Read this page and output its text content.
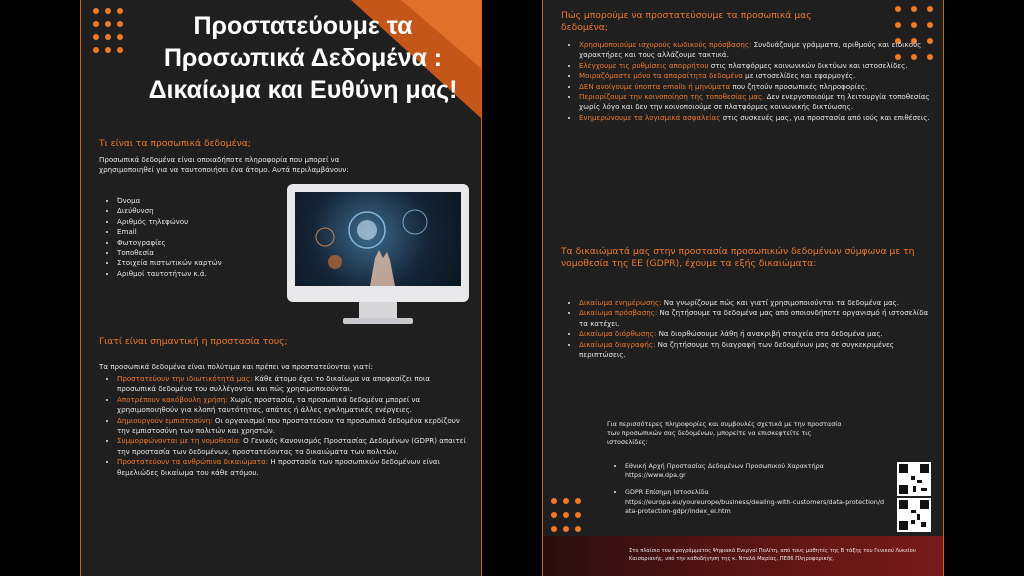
Προστατεύουμε τα
Προσωπικά Δεδομένα :
Δικαίωμα και Ευθύνη μας!
Τι είναι τα προσωπικά δεδομένα;
Προσωπικά δεδομένα είναι οποιαδήποτε πληροφορία που μπορεί να χρησιμοποιηθεί για να ταυτοποιήσει ένα άτομο. Αυτά περιλαμβάνουν:
• Όνομα
• Διεύθυνση
• Αριθμός τηλεφώνου
• Email
• Φωτογραφίες
• Τοποθεσία
• Στοιχεία πιστωτικών καρτών
• Αριθμοί ταυτοτήτων κ.ά.
Γιατί είναι σημαντική η προστασία τους;
Τα προσωπικά δεδομένα είναι πολύτιμα και πρέπει να προστατεύονται γιατί:
• Προστατεύουν την ιδιωτικότητά μας: Κάθε άτομο έχει το δικαίωμα να αποφασίζει ποια προσωπικά δεδομένα του συλλέγονται και πώς χρησιμοποιούνται.
• Αποτρέπουν κακόβουλη χρήση: Χωρίς προστασία, τα προσωπικά δεδομένα μπορεί να χρησιμοποιηθούν για κλοπή ταυτότητας, απάτες ή άλλες εγκληματικές ενέργειες.
• Δημιουργούν εμπιστοσύνη: Οι οργανισμοί που προστατεύουν τα προσωπικά δεδομένα κερδίζουν την εμπιστοσύνη των πολιτών και χρηστών.
• Συμμορφώνονται με τη νομοθεσία: Ο Γενικός Κανονισμός Προστασίας Δεδομένων (GDPR) απαιτεί την προστασία των δεδομένων, προστατεύοντας τα δικαιώματα των πολιτών.
• Προστατεύουν τα ανθρώπινα δικαιώματα: Η προστασία των προσωπικών δεδομένων είναι θεμελιώδες δικαίωμα του κάθε ατόμου.
Πώς μπορούμε να προστατεύσουμε τα προσωπικά μας δεδομένα;
• Χρησιμοποιούμε ισχυρούς κωδικούς πρόσβασης: Συνδυάζουμε γράμματα, αριθμούς και ειδικούς χαρακτήρες και τους αλλάζουμε τακτικά.
• Ελέγχουμε τις ρυθμίσεις απορρήτου στις πλατφόρμες κοινωνικών δικτύων και ιστοσελίδες.
• Μοιραζόμαστε μόνο τα απαραίτητα δεδομένα με ιστοσελίδες και εφαρμογές.
• ΔΕΝ ανοίγουμε ύποπτα emails ή μηνύματα που ζητούν προσωπικές πληροφορίες.
• Περιορίζουμε την κοινοποίηση της τοποθεσίας μας. Δεν ενεργοποιούμε τη λειτουργία τοποθεσίας χωρίς λόγο και δεν την κοινοποιούμε σε πλατφόρμες κοινωνικής δικτύωσης.
• Ενημερώνουμε τα λογισμικά ασφαλείας στις συσκευές μας, για προστασία από ιούς και επιθέσεις.
Τα δικαιώματά μας στην προστασία προσωπικών δεδομένων σύμφωνα με τη νομοθεσία της ΕΕ (GDPR), έχουμε τα εξής δικαιώματα:
• Δικαίωμα ενημέρωσης: Να γνωρίζουμε πώς και γιατί χρησιμοποιούνται τα δεδομένα μας.
• Δικαίωμα πρόσβασης: Να ζητήσουμε τα δεδομένα μας από οποιονδήποτε οργανισμό ή ιστοσελίδα τα κατέχει.
• Δικαίωμα διόρθωσης: Να διορθώσουμε λάθη ή ανακριβή στοιχεία στα δεδομένα μας.
• Δικαίωμα διαγραφής: Να ζητήσουμε τη διαγραφή των δεδομένων μας σε συγκεκριμένες περιπτώσεις.
Για περισσότερες πληροφορίες και συμβουλές σχετικά με την προστασία των προσωπικών σας δεδομένων, μπορείτε να επισκεφτείτε τις ιστοσελίδες:
• Εθνική Αρχή Προστασίας Δεδομένων Προσωπικού Χαρακτήρα https://www.dpa.gr
• GDPR Επίσημη Ιστοσελίδα
https://europa.eu/youreurope/business/dealing-with-customers/data-protection/data-protection-gdpr/index_el.htm
Στο πλαίσιο του προγράμματος Ψηφιακά Ενεργοί Πολίτη, από τους μαθητές της Β τάξης του Γενικού Λυκείου Καισαριανής, υπό την καθοδήγηση της κ. Νταλά Μαρίας, ΠΕ86 Πληροφορικής.
